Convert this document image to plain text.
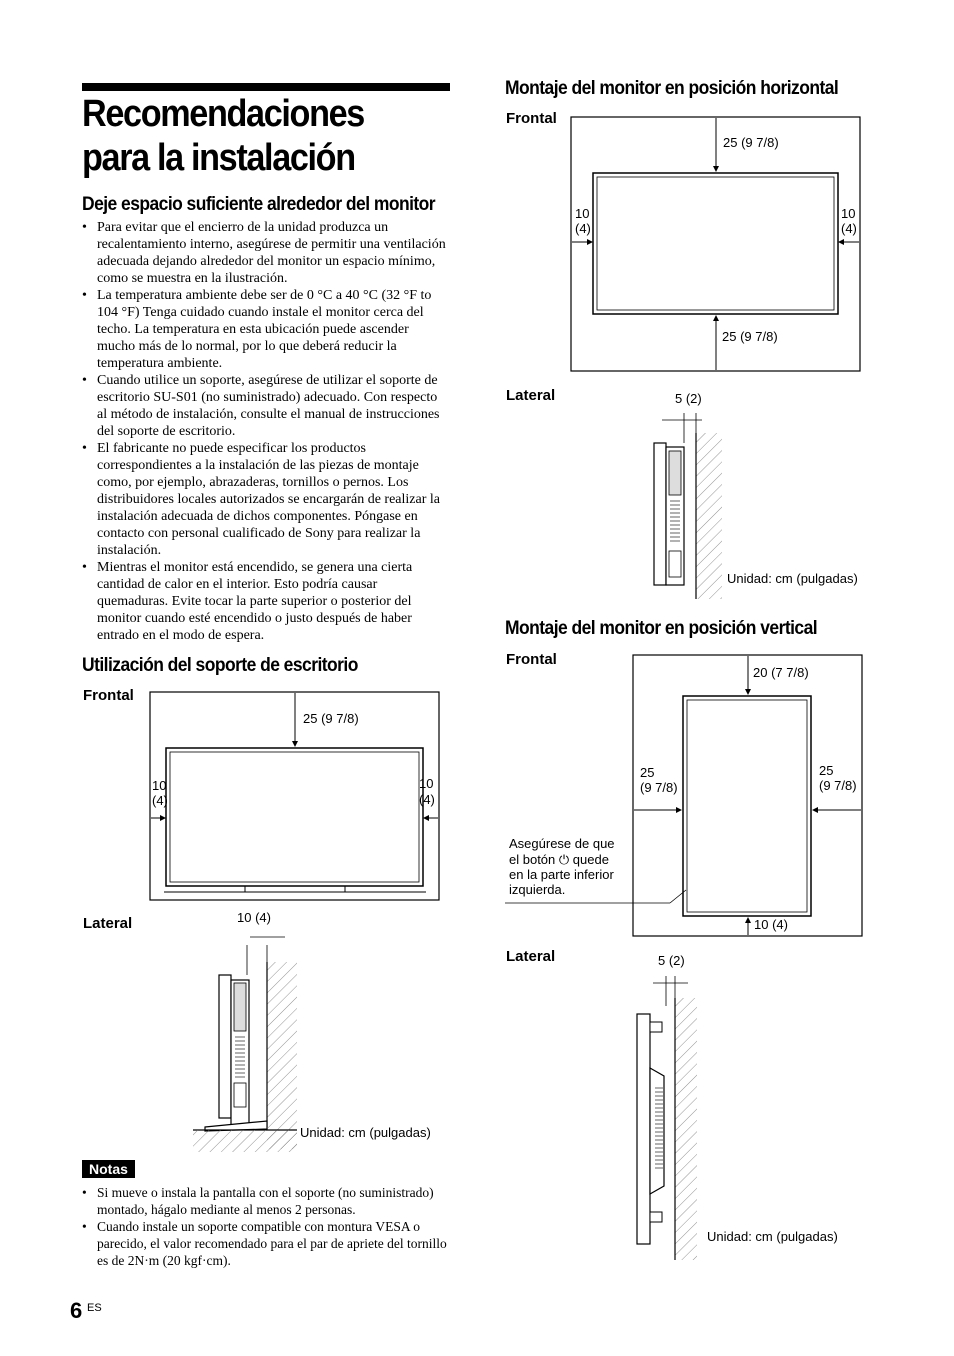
Recomendaciones para la instalación
Deje espacio suficiente alrededor del monitor
• Para evitar que el encierro de la unidad produzca un recalentamiento interno, asegúrese de permitir una ventilación adecuada dejando alrededor del monitor un espacio mínimo, como se muestra en la ilustración.
• La temperatura ambiente debe ser de 0 °C a 40 °C (32 °F to 104 °F) Tenga cuidado cuando instale el monitor cerca del techo. La temperatura en esta ubicación puede ascender mucho más de lo normal, por lo que deberá reducir la temperatura ambiente.
• Cuando utilice un soporte, asegúrese de utilizar el soporte de escritorio SU-S01 (no suministrado) adecuado. Con respecto al método de instalación, consulte el manual de instrucciones del soporte de escritorio.
• El fabricante no puede especificar los productos correspondientes a la instalación de las piezas de montaje como, por ejemplo, abrazaderas, tornillos o pernos. Los distribuidores locales autorizados se encargarán de realizar la instalación adecuada de dichos componentes. Póngase en contacto con personal cualificado de Sony para realizar la instalación.
• Mientras el monitor está encendido, se genera una cierta cantidad de calor en el interior. Esto podría causar quemaduras. Evite tocar la parte superior o posterior del monitor cuando esté encendido o justo después de haber entrado en el modo de espera.
Utilización del soporte de escritorio
Frontal
25 (9 7/8)
10
(4)
10
(4)
Lateral	10 (4)
Unidad: cm (pulgadas)
Notas
• Si mueve o instala la pantalla con el soporte (no suministrado) montado, hágalo mediante al menos 2 personas.
• Cuando instale un soporte compatible con montura VESA o parecido, el valor recomendado para el par de apriete del tornillo es de 2N·m (20 kgf·cm).
Montaje del monitor en posición horizontal
Frontal
25 (9 7/8)
25 (9 7/8)
10
(4)
10
(4)
Lateral	5 (2)
Unidad: cm (pulgadas)
Montaje del monitor en posición vertical
Frontal
20 (7 7/8)
10 (4)
25
(9 7/8)
25
(9 7/8)
Asegúrese de que
el botón ⏻ quede
en la parte inferior
izquierda.
Lateral	5 (2)
Unidad: cm (pulgadas)
6 ES
